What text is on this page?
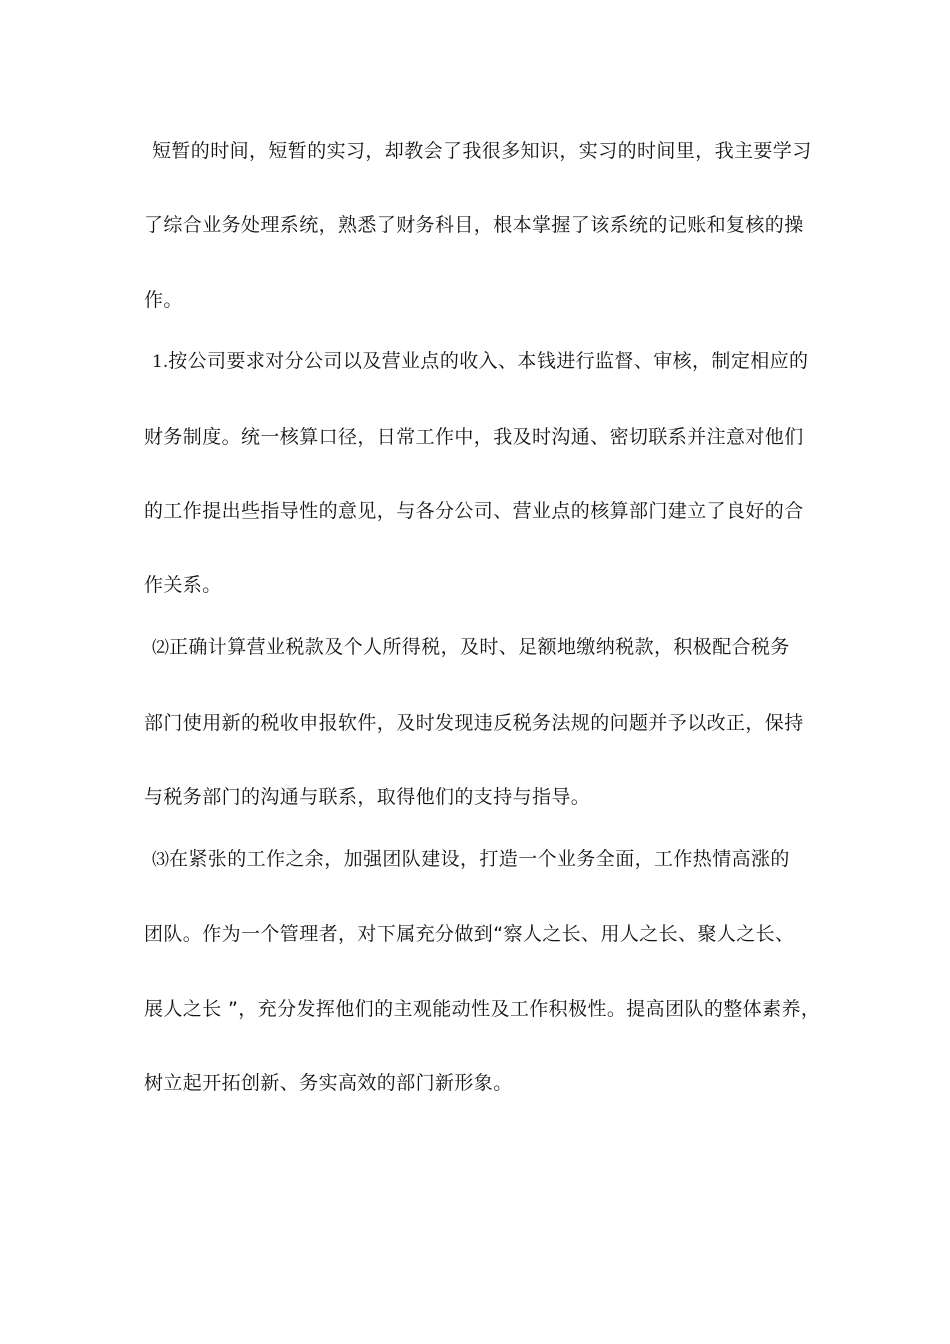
短暂的时间，短暂的实习，却教会了我很多知识，实习的时间里，我主要学习
了综合业务处理系统，熟悉了财务科目，根本掌握了该系统的记账和复核的操
作。
1.按公司要求对分公司以及营业点的收入、本钱进行监督、审核，制定相应的
财务制度。统一核算口径，日常工作中，我及时沟通、密切联系并注意对他们
的工作提出些指导性的意见，与各分公司、营业点的核算部门建立了良好的合
作关系。
⑵正确计算营业税款及个人所得税，及时、足额地缴纳税款，积极配合税务
部门使用新的税收申报软件，及时发现违反税务法规的问题并予以改正，保持
与税务部门的沟通与联系，取得他们的支持与指导。
⑶在紧张的工作之余，加强团队建设，打造一个业务全面，工作热情高涨的
团队。作为一个管理者，对下属充分做到“察人之长、用人之长、聚人之长、
展人之长 ”，充分发挥他们的主观能动性及工作积极性。提高团队的整体素养，
树立起开拓创新、务实高效的部门新形象。
